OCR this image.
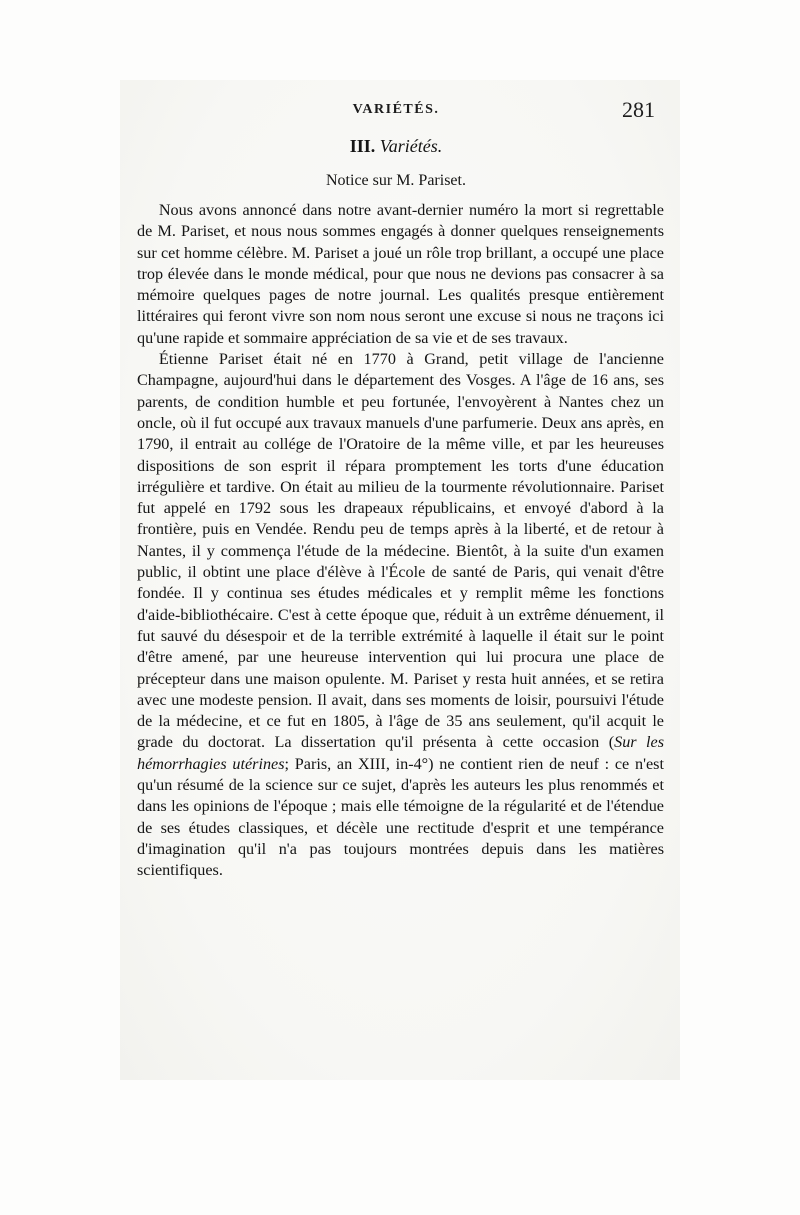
VARIÉTÉS.	281
III. Variétés.
Notice sur M. Pariset.

Nous avons annoncé dans notre avant-dernier numéro la mort si regrettable de M. Pariset, et nous nous sommes engagés à donner quelques renseignements sur cet homme célèbre. M. Pariset a joué un rôle trop brillant, a occupé une place trop élevée dans le monde médical, pour que nous ne devions pas consacrer à sa mémoire quelques pages de notre journal. Les qualités presque entièrement littéraires qui feront vivre son nom nous seront une excuse si nous ne traçons ici qu'une rapide et sommaire appréciation de sa vie et de ses travaux.

Étienne Pariset était né en 1770 à Grand, petit village de l'ancienne Champagne, aujourd'hui dans le département des Vosges. A l'âge de 16 ans, ses parents, de condition humble et peu fortunée, l'envoyèrent à Nantes chez un oncle, où il fut occupé aux travaux manuels d'une parfumerie. Deux ans après, en 1790, il entrait au collége de l'Oratoire de la même ville, et par les heureuses dispositions de son esprit il répara promptement les torts d'une éducation irrégulière et tardive. On était au milieu de la tourmente révolutionnaire. Pariset fut appelé en 1792 sous les drapeaux républicains, et envoyé d'abord à la frontière, puis en Vendée. Rendu peu de temps après à la liberté, et de retour à Nantes, il y commença l'étude de la médecine. Bientôt, à la suite d'un examen public, il obtint une place d'élève à l'École de santé de Paris, qui venait d'être fondée. Il y continua ses études médicales et y remplit même les fonctions d'aide-bibliothécaire. C'est à cette époque que, réduit à un extrême dénuement, il fut sauvé du désespoir et de la terrible extrémité à laquelle il était sur le point d'être amené, par une heureuse intervention qui lui procura une place de précepteur dans une maison opulente. M. Pariset y resta huit années, et se retira avec une modeste pension. Il avait, dans ses moments de loisir, poursuivi l'étude de la médecine, et ce fut en 1805, à l'âge de 35 ans seulement, qu'il acquit le grade du doctorat. La dissertation qu'il présenta à cette occasion (Sur les hémorrhagies utérines; Paris, an XIII, in-4°) ne contient rien de neuf : ce n'est qu'un résumé de la science sur ce sujet, d'après les auteurs les plus renommés et dans les opinions de l'époque ; mais elle témoigne de la régularité et de l'étendue de ses études classiques, et décèle une rectitude d'esprit et une tempérance d'imagination qu'il n'a pas toujours montrées depuis dans les matières scientifiques.
